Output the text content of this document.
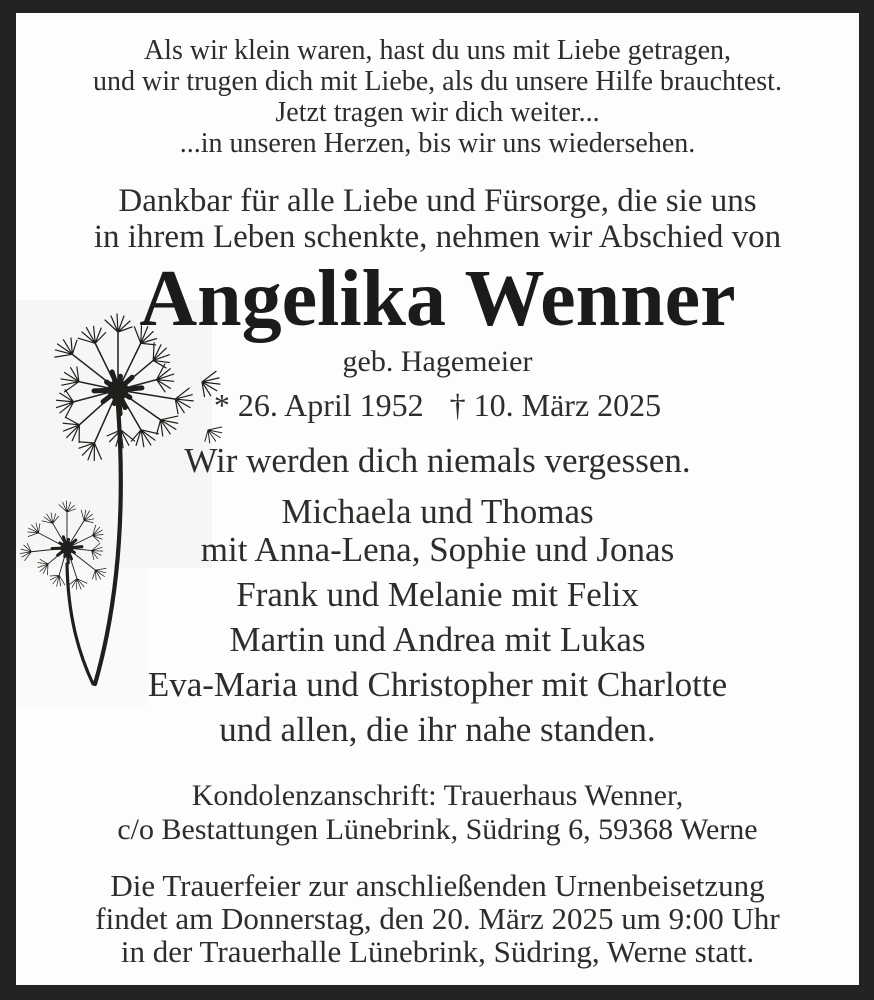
Als wir klein waren, hast du uns mit Liebe getragen,
und wir trugen dich mit Liebe, als du unsere Hilfe brauchtest.
Jetzt tragen wir dich weiter...
...in unseren Herzen, bis wir uns wiedersehen.
Dankbar für alle Liebe und Fürsorge, die sie uns
in ihrem Leben schenkte, nehmen wir Abschied von
Angelika Wenner
geb. Hagemeier
* 26. April 1952 † 10. März 2025
Wir werden dich niemals vergessen.
Michaela und Thomas
mit Anna-Lena, Sophie und Jonas
Frank und Melanie mit Felix
Martin und Andrea mit Lukas
Eva-Maria und Christopher mit Charlotte
und allen, die ihr nahe standen.
Kondolenzanschrift: Trauerhaus Wenner,
c/o Bestattungen Lünebrink, Südring 6, 59368 Werne
Die Trauerfeier zur anschließenden Urnenbeisetzung
findet am Donnerstag, den 20. März 2025 um 9:00 Uhr
in der Trauerhalle Lünebrink, Südring, Werne statt.
